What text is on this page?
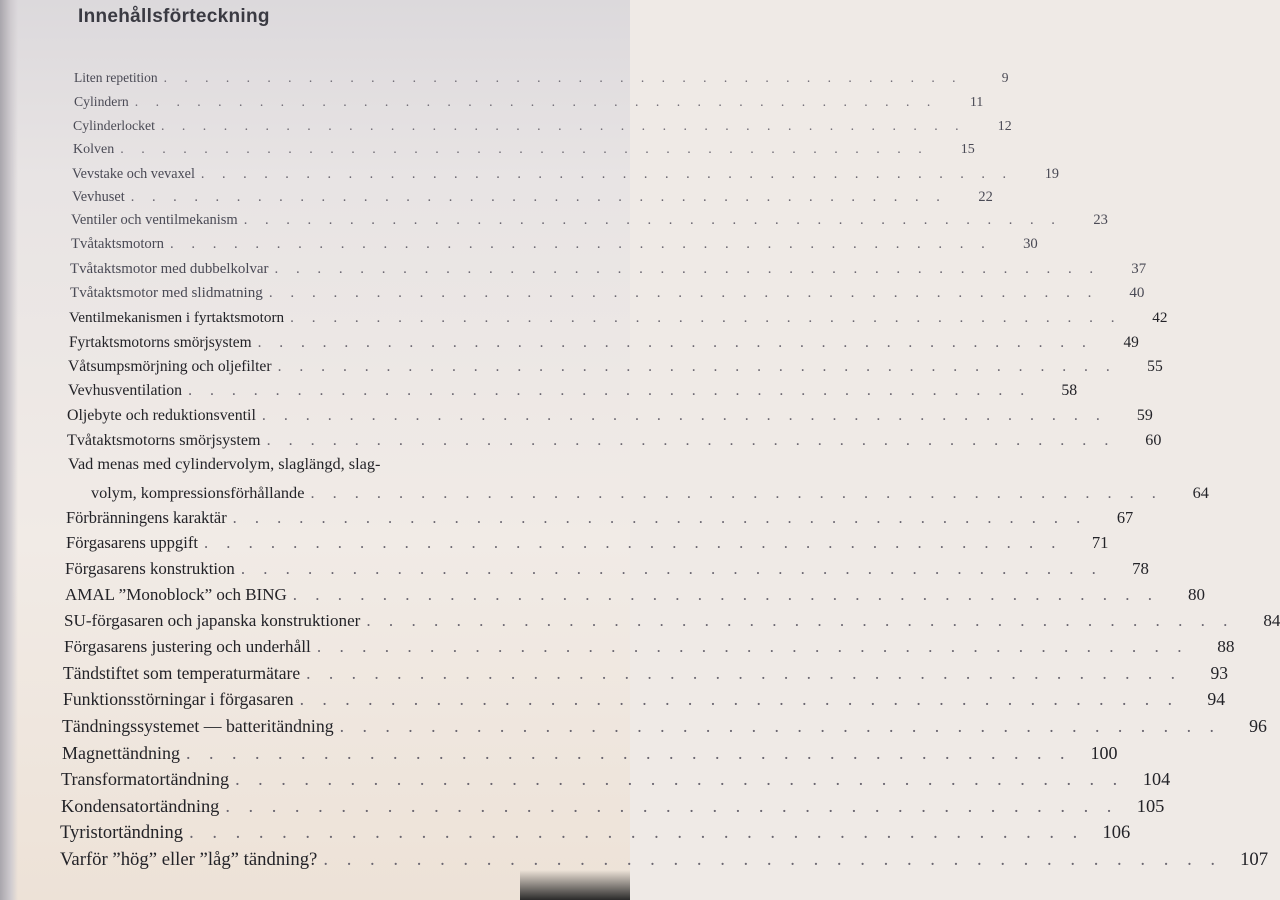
Innehållsförteckning
Liten repetition . . . . . . . . . . . . . . . . . . . . . . . . . . . . . . . . . . . . . . .	9
Cylindern . . . . . . . . . . . . . . . . . . . . . . . . . . . . . . . . . . . . . . .	11
Cylinderlocket . . . . . . . . . . . . . . . . . . . . . . . . . . . . . . . . . . . . . . .	12
Kolven . . . . . . . . . . . . . . . . . . . . . . . . . . . . . . . . . . . . . . .	15
Vevstake och vevaxel . . . . . . . . . . . . . . . . . . . . . . . . . . . . . . . . . . . . . . .	19
Vevhuset . . . . . . . . . . . . . . . . . . . . . . . . . . . . . . . . . . . . . . .	22
Ventiler och ventilmekanism . . . . . . . . . . . . . . . . . . . . . . . . . . . . . . . . . . . . . . .	23
Tvåtaktsmotorn . . . . . . . . . . . . . . . . . . . . . . . . . . . . . . . . . . . . . . .	30
Tvåtaktsmotor med dubbelkolvar . . . . . . . . . . . . . . . . . . . . . . . . . . . . . . . . . . . . . . .	37
Tvåtaktsmotor med slidmatning . . . . . . . . . . . . . . . . . . . . . . . . . . . . . . . . . . . . . . .	40
Ventilmekanismen i fyrtaktsmotorn . . . . . . . . . . . . . . . . . . . . . . . . . . . . . . . . . . . . . . .	42
Fyrtaktsmotorns smörjsystem . . . . . . . . . . . . . . . . . . . . . . . . . . . . . . . . . . . . . . .	49
Våtsumpsmörjning och oljefilter . . . . . . . . . . . . . . . . . . . . . . . . . . . . . . . . . . . . . . .	55
Vevhusventilation . . . . . . . . . . . . . . . . . . . . . . . . . . . . . . . . . . . . . . .	58
Oljebyte och reduktionsventil . . . . . . . . . . . . . . . . . . . . . . . . . . . . . . . . . . . . . . .	59
Tvåtaktsmotorns smörjsystem . . . . . . . . . . . . . . . . . . . . . . . . . . . . . . . . . . . . . . .	60
Vad menas med cylindervolym, slaglängd, slag-
volym, kompressionsförhållande . . . . . . . . . . . . . . . . . . . . . . . . . . . . . . . . . . . . . . .	64
Förbränningens karaktär . . . . . . . . . . . . . . . . . . . . . . . . . . . . . . . . . . . . . . .	67
Förgasarens uppgift . . . . . . . . . . . . . . . . . . . . . . . . . . . . . . . . . . . . . . .	71
Förgasarens konstruktion . . . . . . . . . . . . . . . . . . . . . . . . . . . . . . . . . . . . . . .	78
AMAL ”Monoblock” och BING . . . . . . . . . . . . . . . . . . . . . . . . . . . . . . . . . . . . . . .	80
SU-förgasaren och japanska konstruktioner . . . . . . . . . . . . . . . . . . . . . . . . . . . . . . . . . . . . . . .	84
Förgasarens justering och underhåll . . . . . . . . . . . . . . . . . . . . . . . . . . . . . . . . . . . . . . .	88
Tändstiftet som temperaturmätare . . . . . . . . . . . . . . . . . . . . . . . . . . . . . . . . . . . . . . .	93
Funktionsstörningar i förgasaren . . . . . . . . . . . . . . . . . . . . . . . . . . . . . . . . . . . . . . .	94
Tändningssystemet — batteritändning . . . . . . . . . . . . . . . . . . . . . . . . . . . . . . . . . . . . . . .	96
Magnettändning . . . . . . . . . . . . . . . . . . . . . . . . . . . . . . . . . . . . . . .	100
Transformatortändning . . . . . . . . . . . . . . . . . . . . . . . . . . . . . . . . . . . . . . .	104
Kondensatortändning . . . . . . . . . . . . . . . . . . . . . . . . . . . . . . . . . . . . . . .	105
Tyristortändning . . . . . . . . . . . . . . . . . . . . . . . . . . . . . . . . . . . . . . . 106
Varför ”hög” eller ”låg” tändning? . . . . . . . . . . . . . . . . . . . . . . . . . . . . . . . . . . . . . . . 107
